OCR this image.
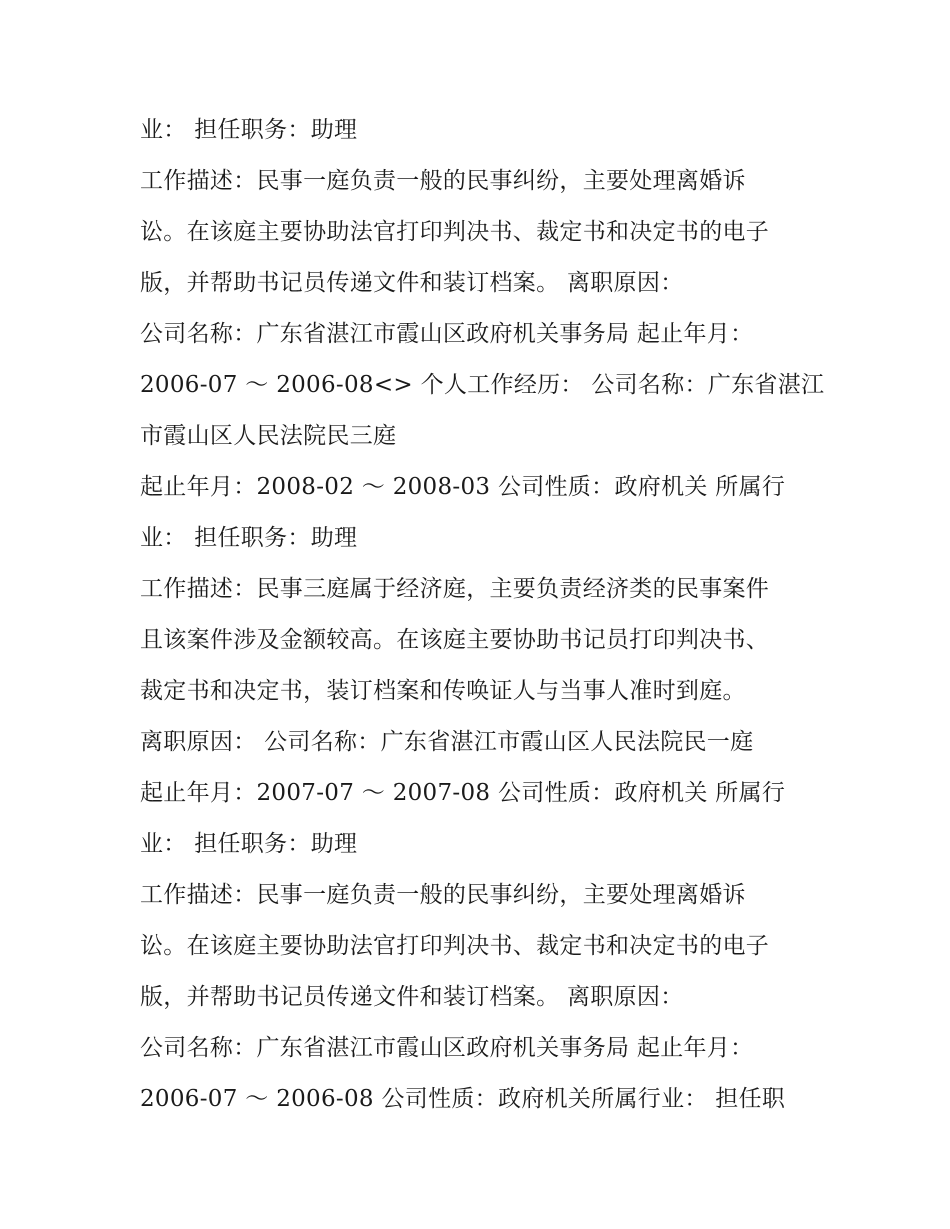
业： 担任职务：助理
工作描述：民事一庭负责一般的民事纠纷，主要处理离婚诉
讼。在该庭主要协助法官打印判决书、裁定书和决定书的电子
版，并帮助书记员传递文件和装订档案。 离职原因：
公司名称：广东省湛江市霞山区政府机关事务局 起止年月：
2006-07 ～ 2006-08<> 个人工作经历： 公司名称：广东省湛江
市霞山区人民法院民三庭
起止年月：2008-02 ～ 2008-03 公司性质：政府机关 所属行
业： 担任职务：助理
工作描述：民事三庭属于经济庭，主要负责经济类的民事案件
且该案件涉及金额较高。在该庭主要协助书记员打印判决书、
裁定书和决定书，装订档案和传唤证人与当事人准时到庭。
离职原因： 公司名称：广东省湛江市霞山区人民法院民一庭
起止年月：2007-07 ～ 2007-08 公司性质：政府机关 所属行
业： 担任职务：助理
工作描述：民事一庭负责一般的民事纠纷，主要处理离婚诉
讼。在该庭主要协助法官打印判决书、裁定书和决定书的电子
版，并帮助书记员传递文件和装订档案。 离职原因：
公司名称：广东省湛江市霞山区政府机关事务局 起止年月：
2006-07 ～ 2006-08 公司性质：政府机关所属行业： 担任职
